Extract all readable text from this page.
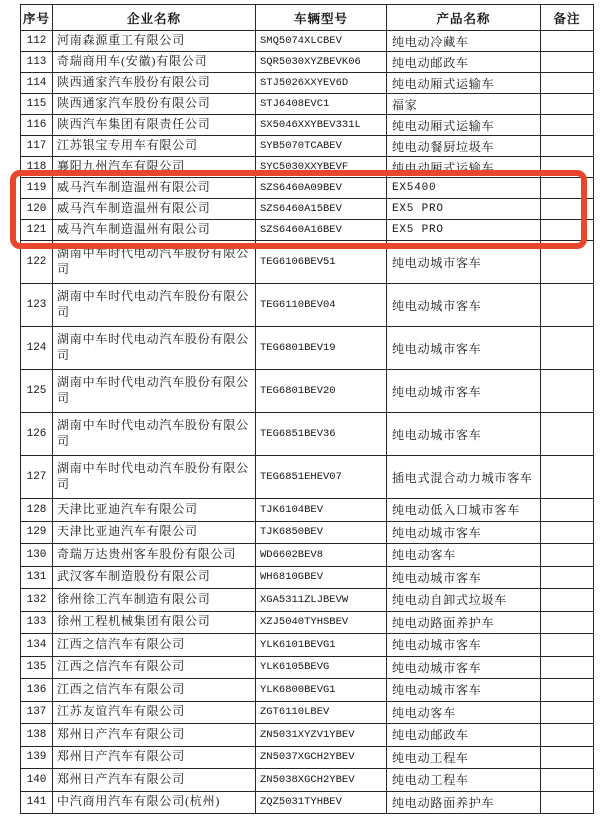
序号	企业名称	车辆型号	产品名称	备注
112	河南森源重工有限公司	SMQ5074XLCBEV	纯电动冷藏车	
113	奇瑞商用车(安徽)有限公司	SQR5030XYZBEVK06	纯电动邮政车	
114	陕西通家汽车股份有限公司	STJ5026XXYEV6D	纯电动厢式运输车	
115	陕西通家汽车股份有限公司	STJ6408EVC1	福家	
116	陕西汽车集团有限责任公司	SX5046XXYBEV331L	纯电动厢式运输车	
117	江苏银宝专用车有限公司	SYB5070TCABEV	纯电动餐厨垃圾车	
118	襄阳九州汽车有限公司	SYC5030XXYBEVF	纯电动厢式运输车	
119	威马汽车制造温州有限公司	SZS6460A09BEV	EX5400	
120	威马汽车制造温州有限公司	SZS6460A15BEV	EX5 PRO	
121	威马汽车制造温州有限公司	SZS6460A16BEV	EX5 PRO	
122	湖南中车时代电动汽车股份有限公司	TEG6106BEV51	纯电动城市客车	
123	湖南中车时代电动汽车股份有限公司	TEG6110BEV04	纯电动城市客车	
124	湖南中车时代电动汽车股份有限公司	TEG6801BEV19	纯电动城市客车	
125	湖南中车时代电动汽车股份有限公司	TEG6801BEV20	纯电动城市客车	
126	湖南中车时代电动汽车股份有限公司	TEG6851BEV36	纯电动城市客车	
127	湖南中车时代电动汽车股份有限公司	TEG6851EHEV07	插电式混合动力城市客车	
128	天津比亚迪汽车有限公司	TJK6104BEV	纯电动低入口城市客车	
129	天津比亚迪汽车有限公司	TJK6850BEV	纯电动城市客车	
130	奇瑞万达贵州客车股份有限公司	WD6602BEV8	纯电动客车	
131	武汉客车制造股份有限公司	WH6810GBEV	纯电动城市客车	
132	徐州徐工汽车制造有限公司	XGA5311ZLJBEVW	纯电动自卸式垃圾车	
133	徐州工程机械集团有限公司	XZJ5040TYHSBEV	纯电动路面养护车	
134	江西之信汽车有限公司	YLK6101BEVG1	纯电动城市客车	
135	江西之信汽车有限公司	YLK6105BEVG	纯电动城市客车	
136	江西之信汽车有限公司	YLK6800BEVG1	纯电动城市客车	
137	江苏友谊汽车有限公司	ZGT6110LBEV	纯电动客车	
138	郑州日产汽车有限公司	ZN5031XYZV1YBEV	纯电动邮政车	
139	郑州日产汽车有限公司	ZN5037XGCH2YBEV	纯电动工程车	
140	郑州日产汽车有限公司	ZN5038XGCH2YBEV	纯电动工程车	
141	中汽商用汽车有限公司(杭州)	ZQZ5031TYHBEV	纯电动路面养护车	
